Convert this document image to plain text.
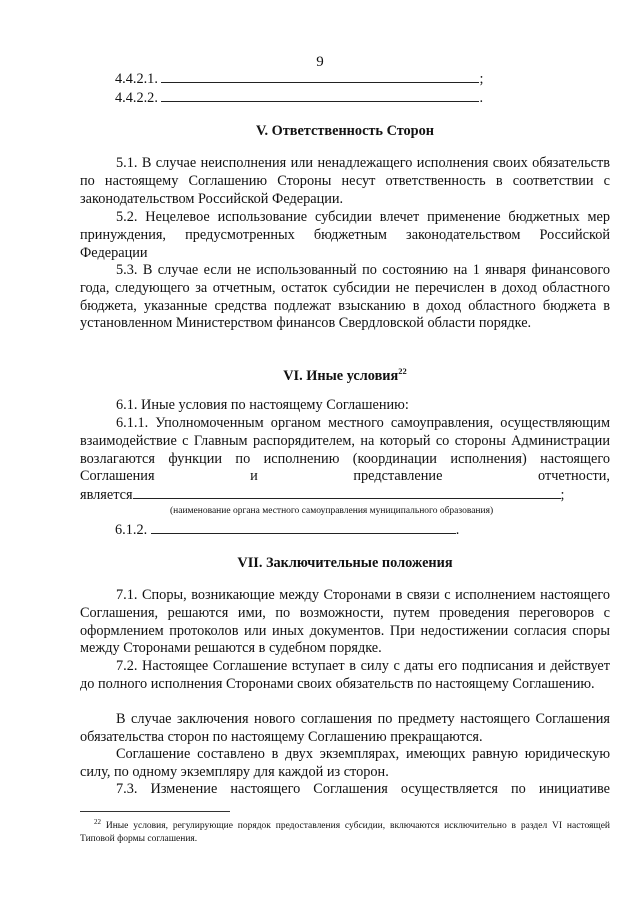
9
4.4.2.1.	;
4.4.2.2.	.
V. Ответственность Сторон

5.1. В случае неисполнения или ненадлежащего исполнения своих обязательств по настоящему Соглашению Стороны несут ответственность в соответствии с законодательством Российской Федерации.

5.2. Нецелевое использование субсидии влечет применение бюджетных мер принуждения, предусмотренных бюджетным законодательством Российской Федерации

5.3. В случае если не использованный по состоянию на 1 января финансового года, следующего за отчетным, остаток субсидии не перечислен в доход областного бюджета, указанные средства подлежат взысканию в доход областного бюджета в установленном Министерством финансов Свердловской области порядке.

VI. Иные условия$^{22}$

6.1. Иные условия по настоящему Соглашению:

6.1.1. Уполномоченным органом местного самоуправления, осуществляющим взаимодействие с Главным распорядителем, на который со стороны Администрации возлагаются функции по исполнению (координации исполнения) настоящего Соглашения и представление отчетности,

является	;
(наименование органа местного самоуправления муниципального образования)
6.1.2.	.
VII. Заключительные положения

7.1. Споры, возникающие между Сторонами в связи с исполнением настоящего Соглашения, решаются ими, по возможности, путем проведения переговоров с оформлением протоколов или иных документов. При недостижении согласия споры между Сторонами решаются в судебном порядке.

7.2. Настоящее Соглашение вступает в силу с даты его подписания и действует до полного исполнения Сторонами своих обязательств по настоящему Соглашению.

В случае заключения нового соглашения по предмету настоящего Соглашения обязательства сторон по настоящему Соглашению прекращаются.

Соглашение составлено в двух экземплярах, имеющих равную юридическую силу, по одному экземпляру для каждой из сторон.

7.3. Изменение настоящего Соглашения осуществляется по инициативе

$^{22}$ Иные условия, регулирующие порядок предоставления субсидии, включаются исключительно в раздел VI настоящей Типовой формы соглашения.
